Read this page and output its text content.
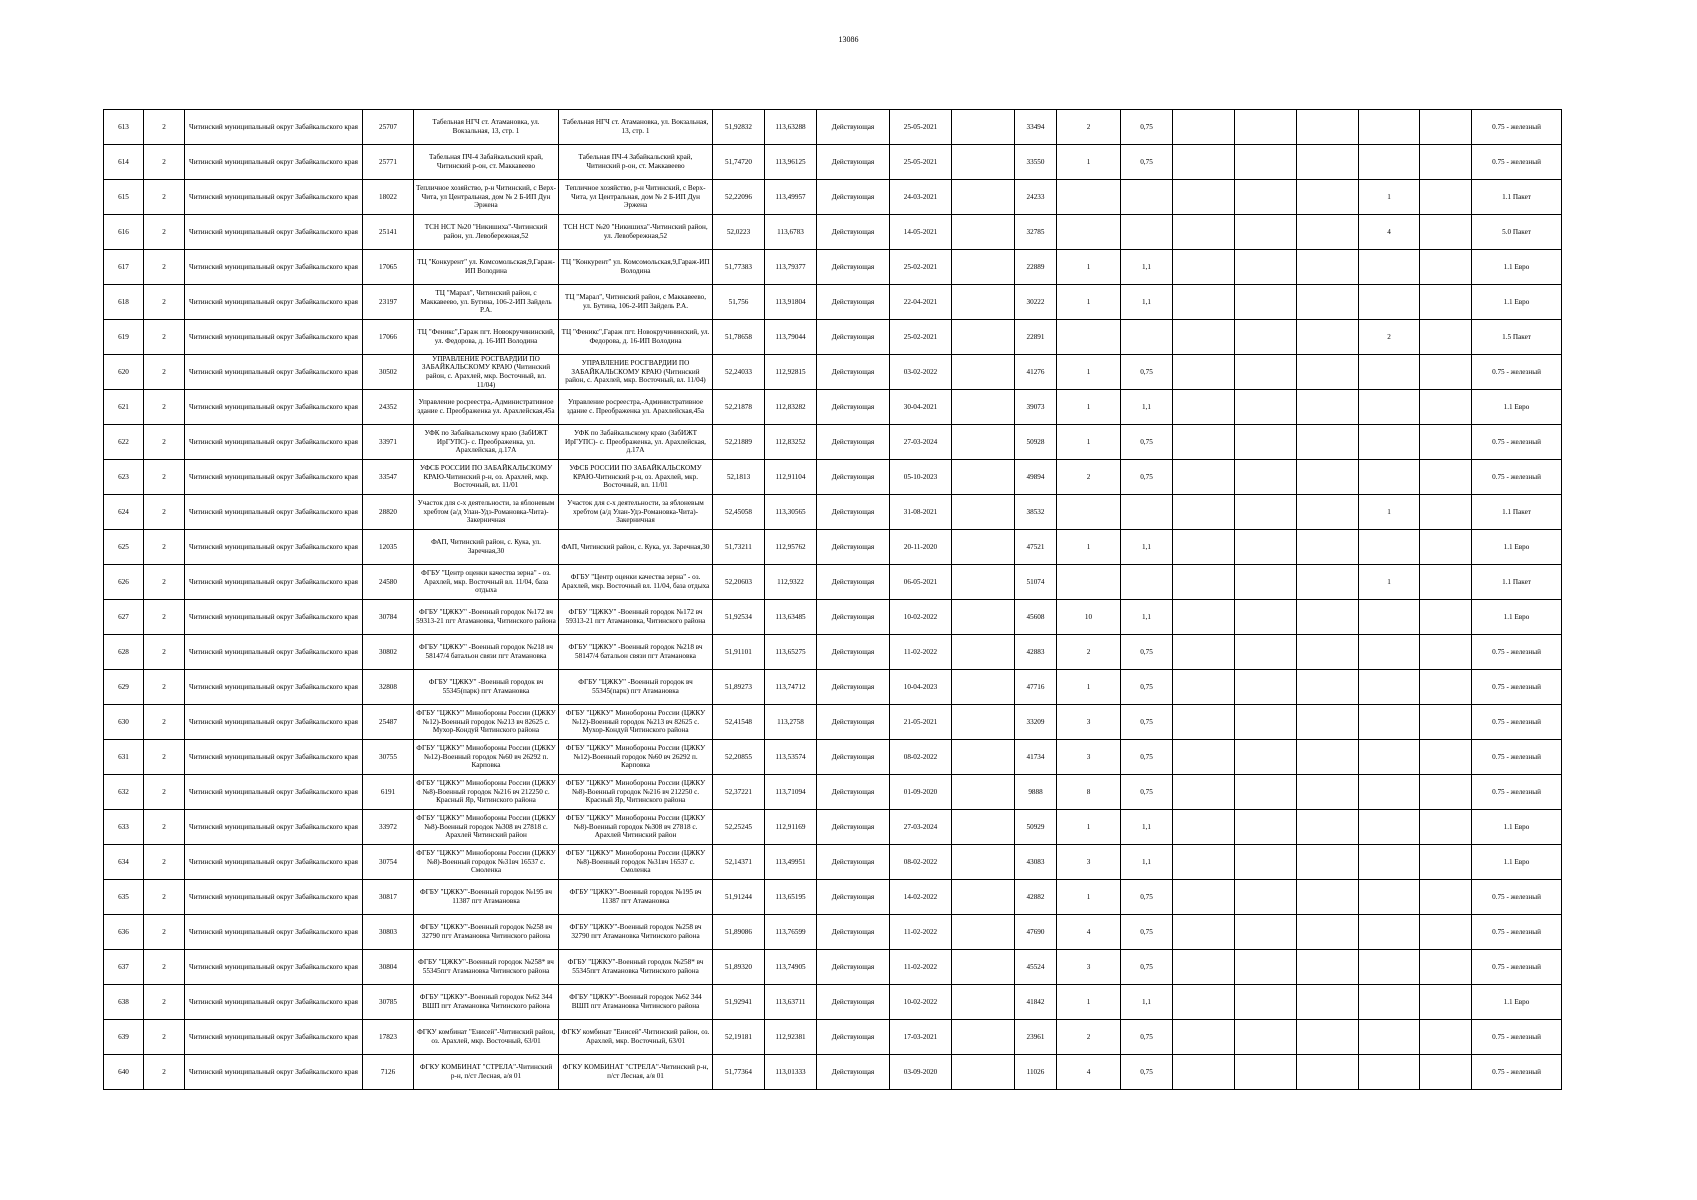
13086
613	2	Читинский муниципальный округ Забайкальского края	25707	Табельная НГЧ ст. Атамановка, ул. Вокзальная, 13, стр. 1	Табельная НГЧ ст. Атамановка, ул. Вокзальная, 13, стр. 1	51,92832	113,63288	Действующая	25-05-2021		33494	2	0,75						0.75 - железный

614	2	Читинский муниципальный округ Забайкальского края	25771	Табельная ПЧ-4 Забайкальский край, Читинский р-он, ст. Маккавеево	Табельная ПЧ-4 Забайкальский край, Читинский р-он, ст. Маккавеево	51,74720	113,96125	Действующая	25-05-2021		33550	1	0,75						0.75 - железный

615	2	Читинский муниципальный округ Забайкальского края	18022	Тепличное хозяйство, р-н Читинский, с Верх-Чита, ул Центральная, дом № 2 Б-ИП Дун Эржена	Тепличное хозяйство, р-н Читинский, с Верх-Чита, ул Центральная, дом № 2 Б-ИП Дун Эржена	52,22096	113,49957	Действующая	24-03-2021		24233						1		1.1 Пакет

616	2	Читинский муниципальный округ Забайкальского края	25141	ТСН НСТ №20 "Никишиха"-Читинский район, ул. Левобережная,52	ТСН НСТ №20 "Никишиха"-Читинский район, ул. Левобережная,52	52,0223	113,6783	Действующая	14-05-2021		32785						4		5.0 Пакет

617	2	Читинский муниципальный округ Забайкальского края	17065	ТЦ "Конкурент" ул. Комсомольская,9,Гараж-ИП Володина	ТЦ "Конкурент" ул. Комсомольская,9,Гараж-ИП Володина	51,77383	113,79377	Действующая	25-02-2021		22889	1	1,1						1.1 Евро

618	2	Читинский муниципальный округ Забайкальского края	23197	ТЦ "Марал", Читинский район, с Маккавеево, ул. Бутина, 106-2-ИП Зайдель Р.А.	ТЦ "Марал", Читинский район, с Маккавеево, ул. Бутина, 106-2-ИП Зайдель Р.А.	51,756	113,91804	Действующая	22-04-2021		30222	1	1,1						1.1 Евро

619	2	Читинский муниципальный округ Забайкальского края	17066	ТЦ "Феникс",Гараж пгт. Новокручининский, ул. Федорова, д. 16-ИП Володина	ТЦ "Феникс",Гараж пгт. Новокручининский, ул. Федорова, д. 16-ИП Володина	51,78658	113,79044	Действующая	25-02-2021		22891						2		1.5 Пакет

620	2	Читинский муниципальный округ Забайкальского края	30502	УПРАВЛЕНИЕ РОСГВАРДИИ ПО ЗАБАЙКАЛЬСКОМУ КРАЮ (Читинский район, с. Арахлей, мкр. Восточный, вл. 11/04)	УПРАВЛЕНИЕ РОСГВАРДИИ ПО ЗАБАЙКАЛЬСКОМУ КРАЮ (Читинский район, с. Арахлей, мкр. Восточный, вл. 11/04)	52,24033	112,92815	Действующая	03-02-2022		41276	1	0,75						0.75 - железный

621	2	Читинский муниципальный округ Забайкальского края	24352	Управление росреестра,-Административное здание с. Преображенка ул. Арахлейская,45а	Управление росреестра,-Административное здание с. Преображенка ул. Арахлейская,45а	52,21878	112,83282	Действующая	30-04-2021		39073	1	1,1						1.1 Евро

622	2	Читинский муниципальный округ Забайкальского края	33971	УФК по Забайкальскому краю (ЗабИЖТ ИрГУПС)- с. Преображенка, ул. Арахлейская, д.17А	УФК по Забайкальскому краю (ЗабИЖТ ИрГУПС)- с. Преображенка, ул. Арахлейская, д.17А	52,21889	112,83252	Действующая	27-03-2024		50928	1	0,75						0.75 - железный

623	2	Читинский муниципальный округ Забайкальского края	33547	УФСБ РОССИИ ПО ЗАБАЙКАЛЬСКОМУ КРАЮ-Читинский р-н, оз. Арахлей, мкр. Восточный, вл. 11/01	УФСБ РОССИИ ПО ЗАБАЙКАЛЬСКОМУ КРАЮ-Читинский р-н, оз. Арахлей, мкр. Восточный, вл. 11/01	52,1813	112,91104	Действующая	05-10-2023		49894	2	0,75						0.75 - железный

624	2	Читинский муниципальный округ Забайкальского края	28820	Участок для с-х деятельности, за яблоневым хребтом (а/д Улан-Удэ-Романовка-Чита)-Закерничная	Участок для с-х деятельности, за яблоневым хребтом (а/д Улан-Удэ-Романовка-Чита)-Закерничная	52,45058	113,30565	Действующая	31-08-2021		38532						1		1.1 Пакет

625	2	Читинский муниципальный округ Забайкальского края	12035	ФАП, Читинский район, с. Кука, ул. Заречная,30	ФАП, Читинский район, с. Кука, ул. Заречная,30	51,73211	112,95762	Действующая	20-11-2020		47521	1	1,1						1.1 Евро

626	2	Читинский муниципальный округ Забайкальского края	24580	ФГБУ "Центр оценки качества зерна" - оз. Арахлей, мкр. Восточный вл. 11/04, база отдыха	ФГБУ "Центр оценки качества зерна" - оз. Арахлей, мкр. Восточный вл. 11/04, база отдыха	52,20603	112,9322	Действующая	06-05-2021		51074						1		1.1 Пакет

627	2	Читинский муниципальный округ Забайкальского края	30784	ФГБУ "ЦЖКУ" -Военный городок №172 вч 59313-21 пгт Атамановка, Читинского района	ФГБУ "ЦЖКУ" -Военный городок №172 вч 59313-21 пгт Атамановка, Читинского района	51,92534	113,63485	Действующая	10-02-2022		45608	10	1,1						1.1 Евро

628	2	Читинский муниципальный округ Забайкальского края	30802	ФГБУ "ЦЖКУ" -Военный городок №218 вч 58147/4 батальон связи пгт Атамановка	ФГБУ "ЦЖКУ" -Военный городок №218 вч 58147/4 батальон связи пгт Атамановка	51,91101	113,65275	Действующая	11-02-2022		42883	2	0,75						0.75 - железный

629	2	Читинский муниципальный округ Забайкальского края	32808	ФГБУ "ЦЖКУ" -Военный городок вч 55345(парк) пгт Атамановка	ФГБУ "ЦЖКУ" -Военный городок вч 55345(парк) пгт Атамановка	51,89273	113,74712	Действующая	10-04-2023		47716	1	0,75						0.75 - железный

630	2	Читинский муниципальный округ Забайкальского края	25487	ФГБУ "ЦЖКУ" Минобороны России (ЦЖКУ №12)-Военный городок №213 вч 82625 с. Мухор-Кондуй Читинского района	ФГБУ "ЦЖКУ" Минобороны России (ЦЖКУ №12)-Военный городок №213 вч 82625 с. Мухор-Кондуй Читинского района	52,41548	113,2758	Действующая	21-05-2021		33209	3	0,75						0.75 - железный

631	2	Читинский муниципальный округ Забайкальского края	30755	ФГБУ "ЦЖКУ" Минобороны России (ЦЖКУ №12)-Военный городок №60 вч 26292 п. Карповка	ФГБУ "ЦЖКУ" Минобороны России (ЦЖКУ №12)-Военный городок №60 вч 26292 п. Карповка	52,20855	113,53574	Действующая	08-02-2022		41734	3	0,75						0.75 - железный

632	2	Читинский муниципальный округ Забайкальского края	6191	ФГБУ "ЦЖКУ" Минобороны России (ЦЖКУ №8)-Военный городок №216 вч 212250 с. Красный Яр, Читинского района	ФГБУ "ЦЖКУ" Минобороны России (ЦЖКУ №8)-Военный городок №216 вч 212250 с. Красный Яр, Читинского района	52,37221	113,71094	Действующая	01-09-2020		9888	8	0,75						0.75 - железный

633	2	Читинский муниципальный округ Забайкальского края	33972	ФГБУ "ЦЖКУ" Минобороны России (ЦЖКУ №8)-Военный городок №308 вч 27818 с. Арахлей Читинский район	ФГБУ "ЦЖКУ" Минобороны России (ЦЖКУ №8)-Военный городок №308 вч 27818 с. Арахлей Читинский район	52,25245	112,91169	Действующая	27-03-2024		50929	1	1,1						1.1 Евро

634	2	Читинский муниципальный округ Забайкальского края	30754	ФГБУ "ЦЖКУ" Минобороны России (ЦЖКУ №8)-Военный городок №31вч 16537 с. Смоленка	ФГБУ "ЦЖКУ" Минобороны России (ЦЖКУ №8)-Военный городок №31вч 16537 с. Смоленка	52,14371	113,49951	Действующая	08-02-2022		43083	3	1,1						1.1 Евро

635	2	Читинский муниципальный округ Забайкальского края	30817	ФГБУ "ЦЖКУ"-Военный городок №195 вч 11387 пгт Атамановка	ФГБУ "ЦЖКУ"-Военный городок №195 вч 11387 пгт Атамановка	51,91244	113,65195	Действующая	14-02-2022		42882	1	0,75						0.75 - железный

636	2	Читинский муниципальный округ Забайкальского края	30803	ФГБУ "ЦЖКУ"-Военный городок №258 вч 32790 пгт Атамановка Читинского района	ФГБУ "ЦЖКУ"-Военный городок №258 вч 32790 пгт Атамановка Читинского района	51,89086	113,76599	Действующая	11-02-2022		47690	4	0,75						0.75 - железный

637	2	Читинский муниципальный округ Забайкальского края	30804	ФГБУ "ЦЖКУ"-Военный городок №258* вч 55345пгт Атамановка Читинского района	ФГБУ "ЦЖКУ"-Военный городок №258* вч 55345пгт Атамановка Читинского района	51,89320	113,74905	Действующая	11-02-2022		45524	3	0,75						0.75 - железный

638	2	Читинский муниципальный округ Забайкальского края	30785	ФГБУ "ЦЖКУ"-Военный городок №62 344 ВШП пгт Атамановка Читинского района	ФГБУ "ЦЖКУ"-Военный городок №62 344 ВШП пгт Атамановка Читинского района	51,92941	113,63711	Действующая	10-02-2022		41842	1	1,1						1.1 Евро

639	2	Читинский муниципальный округ Забайкальского края	17823	ФГКУ комбинат "Енисей"-Читинский район, оз. Арахлей, мкр. Восточный, 63/01	ФГКУ комбинат "Енисей"-Читинский район, оз. Арахлей, мкр. Восточный, 63/01	52,19181	112,92381	Действующая	17-03-2021		23961	2	0,75						0.75 - железный

640	2	Читинский муниципальный округ Забайкальского края	7126	ФГКУ КОМБИНАТ "СТРЕЛА"-Читинский р-н, п/ст Лесная, а/я 01	ФГКУ КОМБИНАТ "СТРЕЛА"-Читинский р-н, п/ст Лесная, а/я 01	51,77364	113,01333	Действующая	03-09-2020		11026	4	0,75						0.75 - железный
